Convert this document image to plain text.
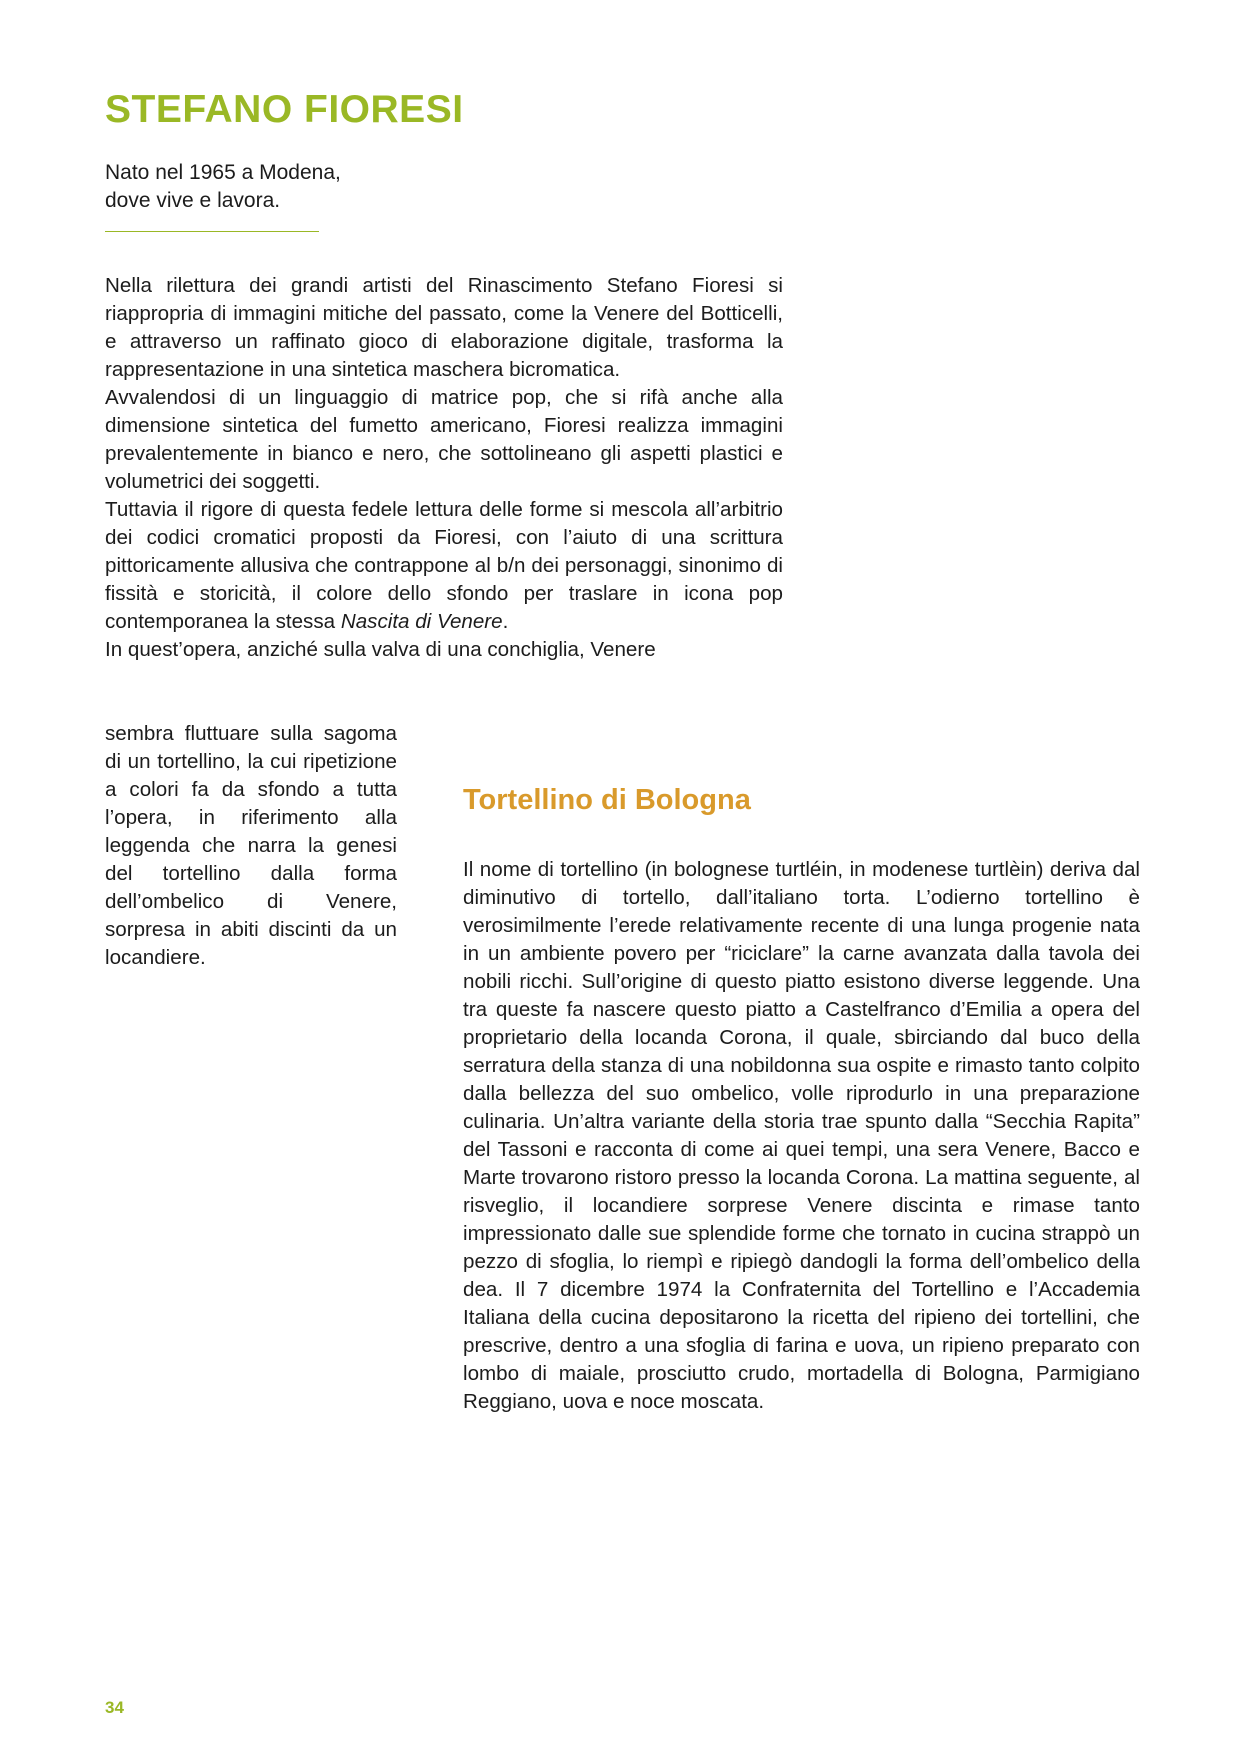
STEFANO FIORESI
Nato nel 1965 a Modena,
dove vive e lavora.

Nella rilettura dei grandi artisti del Rinascimento Stefano Fioresi si riappropria di immagini mitiche del passato, come la Venere del Botticelli, e attraverso un raffinato gioco di elaborazione digitale, trasforma la rappresentazione in una sintetica maschera bicromatica.

Avvalendosi di un linguaggio di matrice pop, che si rifà anche alla dimensione sintetica del fumetto americano, Fioresi realizza immagini prevalentemente in bianco e nero, che sottolineano gli aspetti plastici e volumetrici dei soggetti.

Tuttavia il rigore di questa fedele lettura delle forme si mescola all’arbitrio dei codici cromatici proposti da Fioresi, con l’aiuto di una scrittura pittoricamente allusiva che contrappone al b/n dei personaggi, sinonimo di fissità e storicità, il colore dello sfondo per traslare in icona pop contemporanea la stessa Nascita di Venere.

In quest’opera, anziché sulla valva di una conchiglia, Venere
sembra fluttuare sulla sagoma di un tortellino, la cui ripetizione a colori fa da sfondo a tutta l’opera, in riferimento alla leggenda che narra la genesi del tortellino dalla forma dell’ombelico di Venere, sorpresa in abiti discinti da un locandiere.
Tortellino di Bologna
Il nome di tortellino (in bolognese turtléin, in modenese turtlèin) deriva dal diminutivo di tortello, dall’italiano torta. L’odierno tortellino è verosimilmente l’erede relativamente recente di una lunga progenie nata in un ambiente povero per “riciclare” la carne avanzata dalla tavola dei nobili ricchi. Sull’origine di questo piatto esistono diverse leggende. Una tra queste fa nascere questo piatto a Castelfranco d’Emilia a opera del proprietario della locanda Corona, il quale, sbirciando dal buco della serratura della stanza di una nobildonna sua ospite e rimasto tanto colpito dalla bellezza del suo ombelico, volle riprodurlo in una preparazione culinaria. Un’altra variante della storia trae spunto dalla “Secchia Rapita” del Tassoni e racconta di come ai quei tempi, una sera Venere, Bacco e Marte trovarono ristoro presso la locanda Corona. La mattina seguente, al risveglio, il locandiere sorprese Venere discinta e rimase tanto impressionato dalle sue splendide forme che tornato in cucina strappò un pezzo di sfoglia, lo riempì e ripiegò dandogli la forma dell’ombelico della dea. Il 7 dicembre 1974 la Confraternita del Tortellino e l’Accademia Italiana della cucina depositarono la ricetta del ripieno dei tortellini, che prescrive, dentro a una sfoglia di farina e uova, un ripieno preparato con lombo di maiale, prosciutto crudo, mortadella di Bologna, Parmigiano Reggiano, uova e noce moscata.
34
